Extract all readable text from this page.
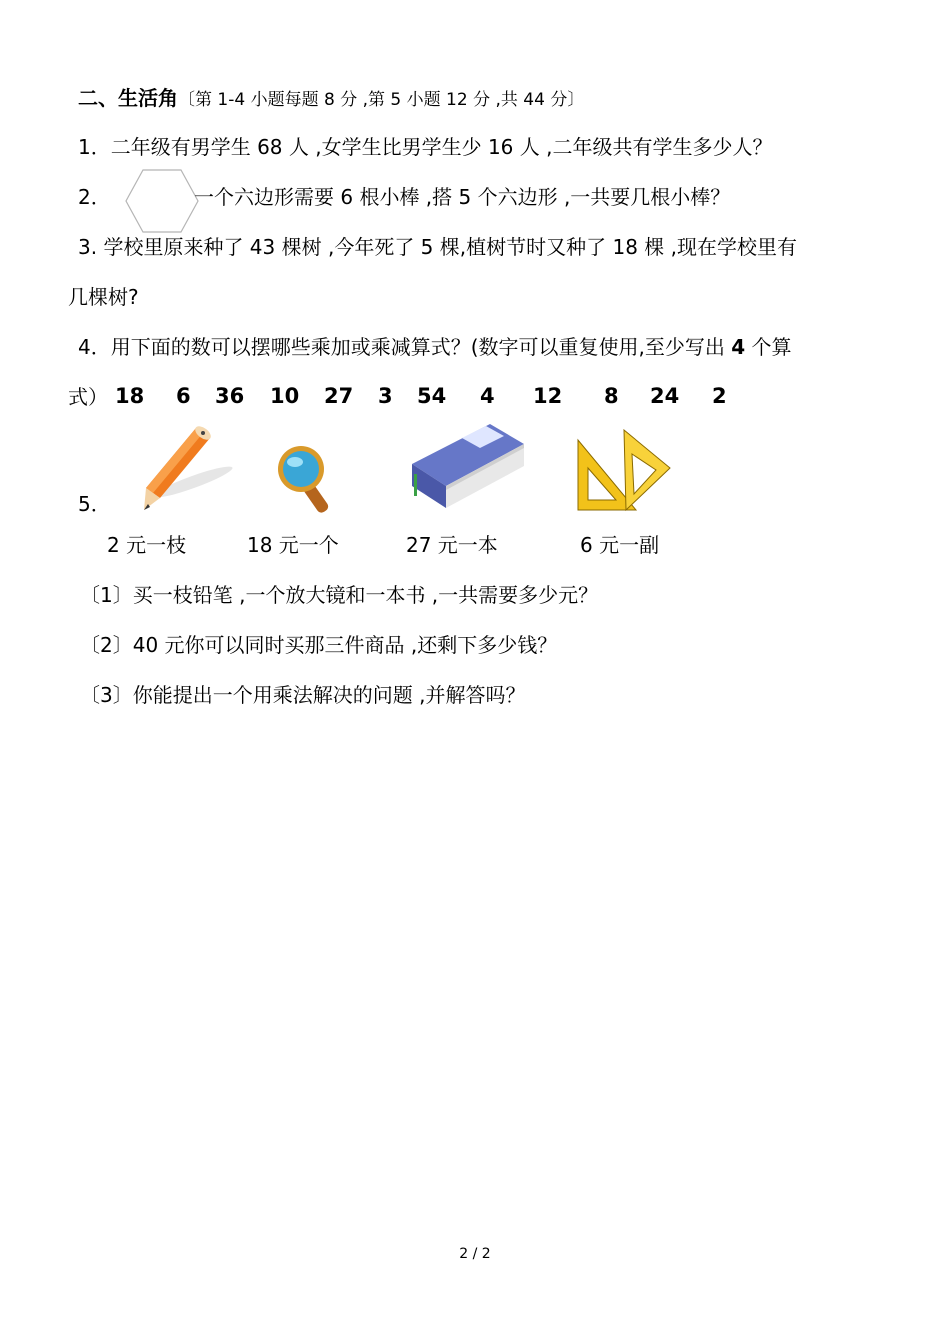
二、生活角〔第 1-4 小题每题 8 分 ,第 5 小题 12 分 ,共 44 分〕
1．二年级有男学生 68 人 ,女学生比男学生少 16 人 ,二年级共有学生多少人？
2．	一个六边形需要 6 根小棒 ,搭 5 个六边形 ,一共要几根小棒？
3. 学校里原来种了 43 棵树 ,今年死了 5 棵,植树节时又种了 18 棵 ,现在学校里有
几棵树?
4．用下面的数可以摆哪些乘加或乘减算式？(数字可以重复使用,至少写出 4 个算
式） 18 6 36 10 27 3 54 4 12 8 24 2
5．
2 元一枝	18 元一个	27 元一本	6 元一副
〔1〕买一枝铅笔 ,一个放大镜和一本书 ,一共需要多少元？
〔2〕40 元你可以同时买那三件商品 ,还剩下多少钱？
〔3〕你能提出一个用乘法解决的问题 ,并解答吗？
2 / 2
